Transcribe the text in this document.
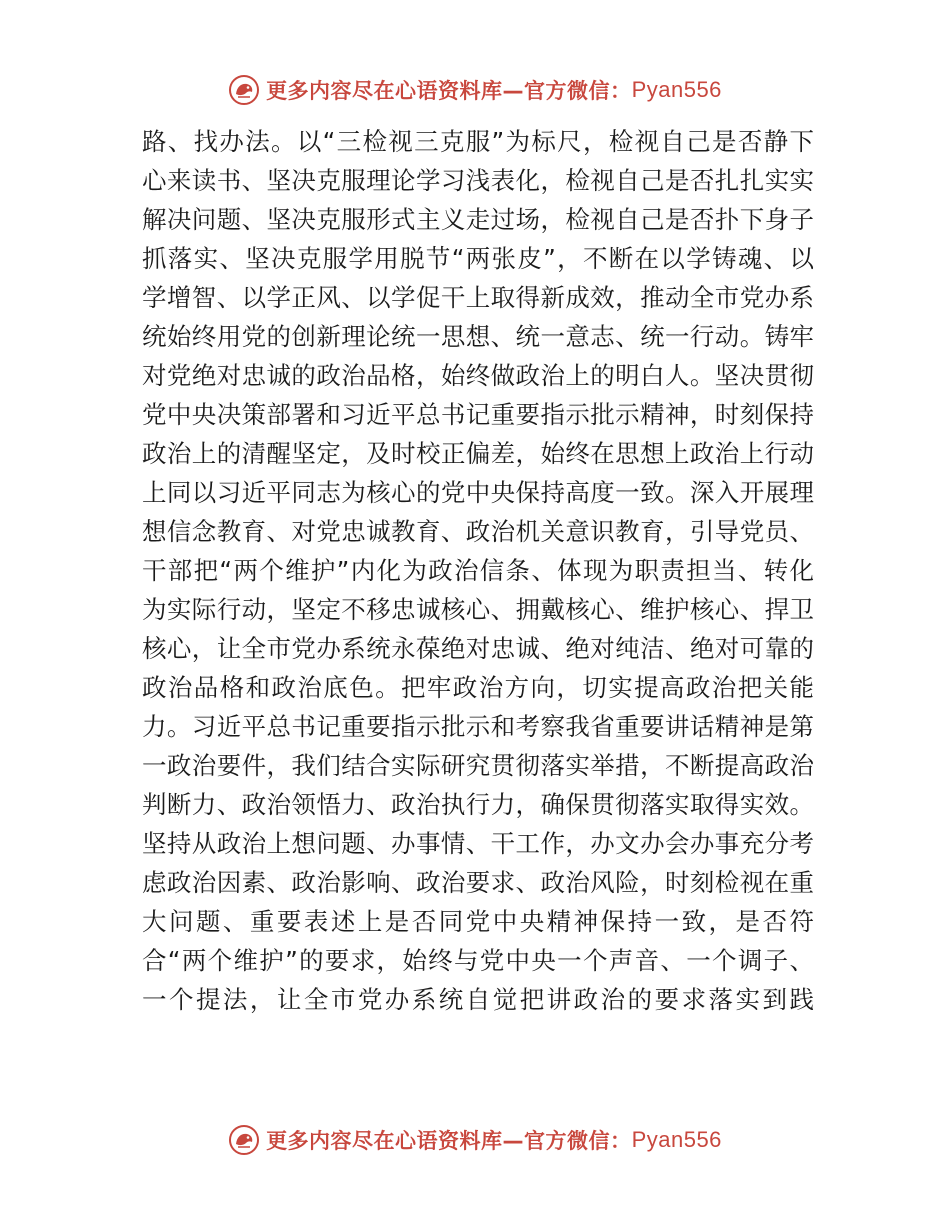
更多内容尽在心语资料库—官方微信： Pyan556
路、找办法。以“三检视三克服”为标尺，检视自己是否静下
心来读书、坚决克服理论学习浅表化，检视自己是否扎扎实实
解决问题、坚决克服形式主义走过场，检视自己是否扑下身子
抓落实、坚决克服学用脱节“两张皮”，不断在以学铸魂、以
学增智、以学正风、以学促干上取得新成效，推动全市党办系
统始终用党的创新理论统一思想、统一意志、统一行动。铸牢
对党绝对忠诚的政治品格，始终做政治上的明白人。坚决贯彻
党中央决策部署和习近平总书记重要指示批示精神，时刻保持
政治上的清醒坚定，及时校正偏差，始终在思想上政治上行动
上同以习近平同志为核心的党中央保持高度一致。深入开展理
想信念教育、对党忠诚教育、政治机关意识教育，引导党员、
干部把“两个维护”内化为政治信条、体现为职责担当、转化
为实际行动，坚定不移忠诚核心、拥戴核心、维护核心、捍卫
核心，让全市党办系统永葆绝对忠诚、绝对纯洁、绝对可靠的
政治品格和政治底色。把牢政治方向，切实提高政治把关能
力。习近平总书记重要指示批示和考察我省重要讲话精神是第
一政治要件，我们结合实际研究贯彻落实举措，不断提高政治
判断力、政治领悟力、政治执行力，确保贯彻落实取得实效。
坚持从政治上想问题、办事情、干工作，办文办会办事充分考
虑政治因素、政治影响、政治要求、政治风险，时刻检视在重
大问题、重要表述上是否同党中央精神保持一致，是否符
合“两个维护”的要求，始终与党中央一个声音、一个调子、
一个提法，让全市党办系统自觉把讲政治的要求落实到践
更多内容尽在心语资料库—官方微信： Pyan556
